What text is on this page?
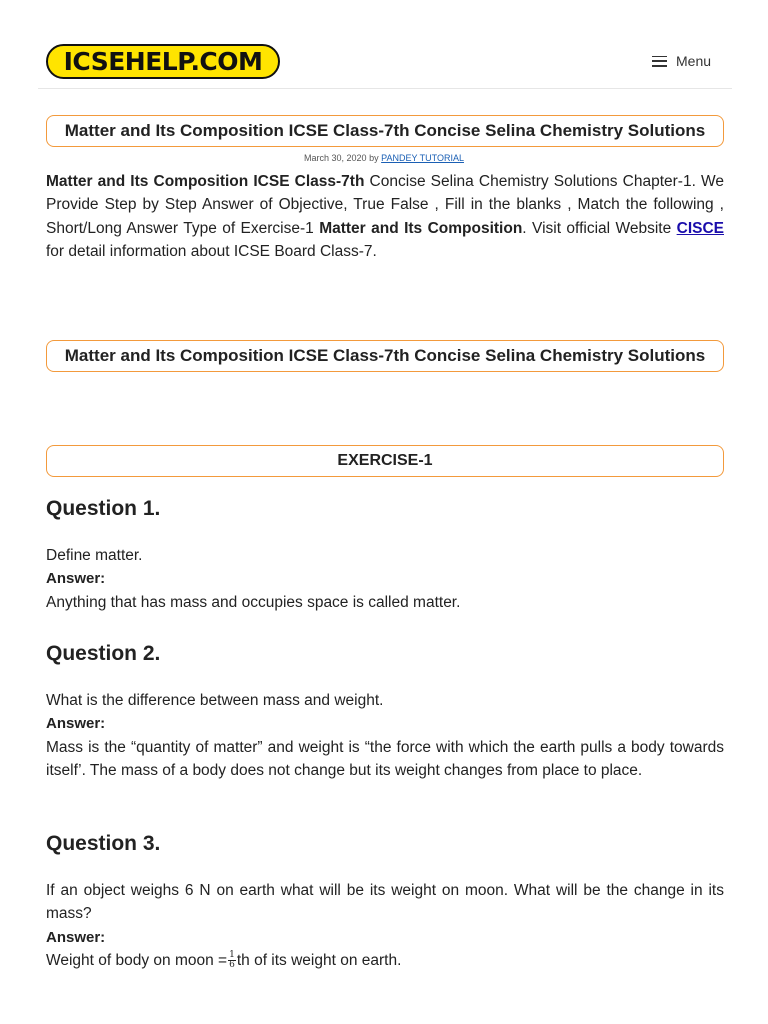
ICSEHELP.COM	Menu
Matter and Its Composition ICSE Class-7th Concise Selina Chemistry Solutions
March 30, 2020 by PANDEY TUTORIAL

Matter and Its Composition ICSE Class-7th Concise Selina Chemistry Solutions Chapter-1. We Provide Step by Step Answer of Objective, True False , Fill in the blanks , Match the following , Short/Long Answer Type of Exercise-1 Matter and Its Composition. Visit official Website CISCE for detail information about ICSE Board Class-7.

Matter and Its Composition ICSE Class-7th Concise Selina Chemistry Solutions
EXERCISE-1
Question 1.
Define matter.
Answer:
Anything that has mass and occupies space is called matter.
Question 2.
What is the difference between mass and weight.
Answer:
Mass is the “quantity of matter” and weight is “the force with which the earth pulls a body towards itself’. The mass of a body does not change but its weight changes from place to place.
Question 3.
If an object weighs 6 N on earth what will be its weight on moon. What will be the change in its mass?
Answer:
Weight of body on moon = $\frac{1}{6}$ th of its weight on earth.
